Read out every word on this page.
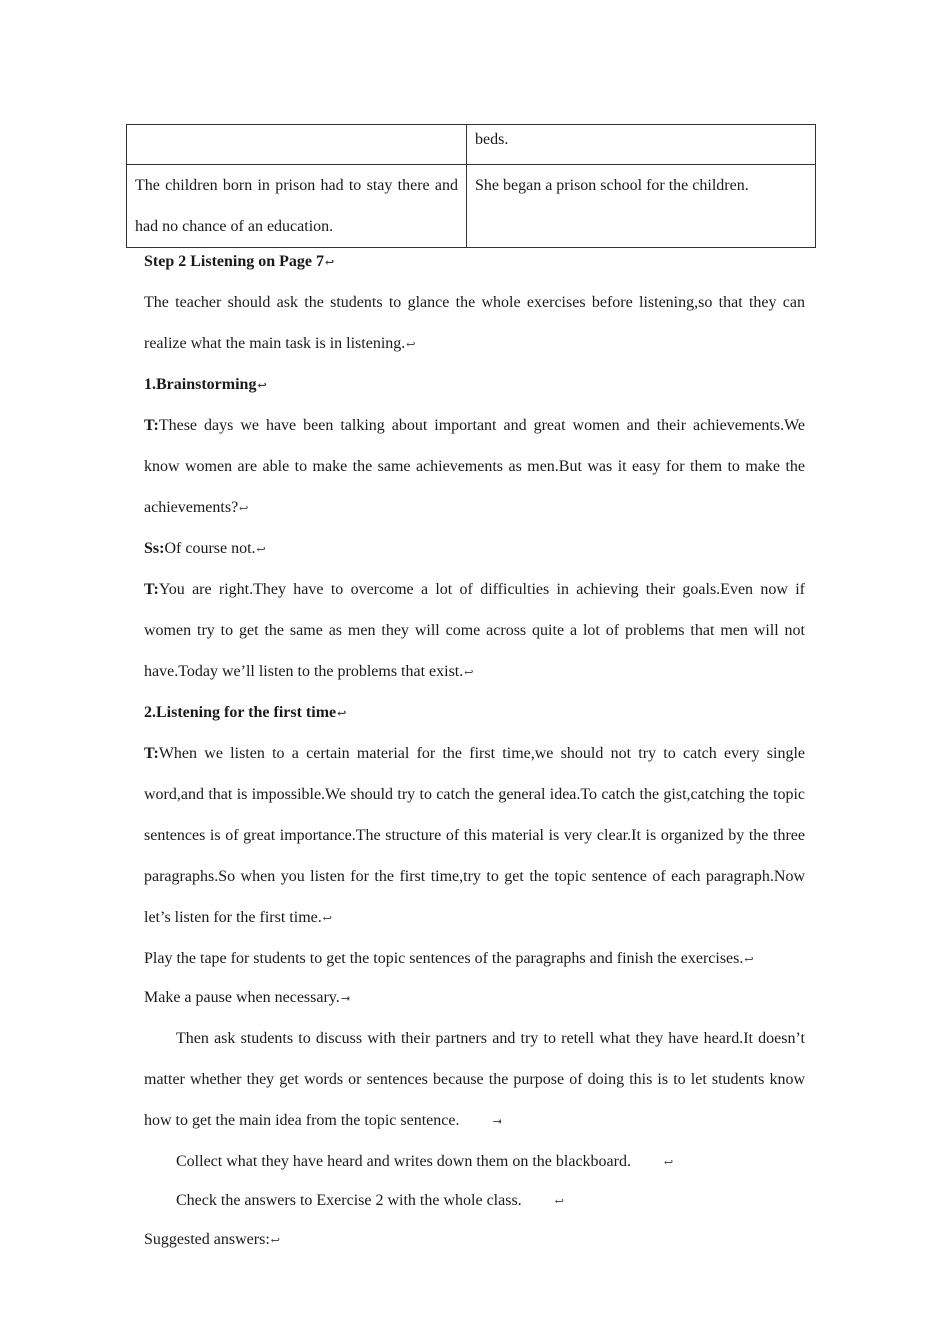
	beds.
The children born in prison had to stay there and had no chance of an education.	She began a prison school for the children.

Step 2 Listening on Page 7↩

The teacher should ask the students to glance the whole exercises before listening,so that they can realize what the main task is in listening.↩

1.Brainstorming↩

T:These days we have been talking about important and great women and their achievements.We know women are able to make the same achievements as men.But was it easy for them to make the achievements?↩

Ss:Of course not.↩

T:You are right.They have to overcome a lot of difficulties in achieving their goals.Even now if women try to get the same as men they will come across quite a lot of problems that men will not have.Today we’ll listen to the problems that exist.↩

2.Listening for the first time↩

T:When we listen to a certain material for the first time,we should not try to catch every single word,and that is impossible.We should try to catch the general idea.To catch the gist,catching the topic sentences is of great importance.The structure of this material is very clear.It is organized by the three paragraphs.So when you listen for the first time,try to get the topic sentence of each paragraph.Now let’s listen for the first time.↩

Play the tape for students to get the topic sentences of the paragraphs and finish the exercises.↩

Make a pause when necessary.⇥

Then ask students to discuss with their partners and try to retell what they have heard.It doesn’t matter whether they get words or sentences because the purpose of doing this is to let students know how to get the main idea from the topic sentence.	⇥

Collect what they have heard and writes down them on the blackboard.	↩

Check the answers to Exercise 2 with the whole class.	↩

Suggested answers:↩
